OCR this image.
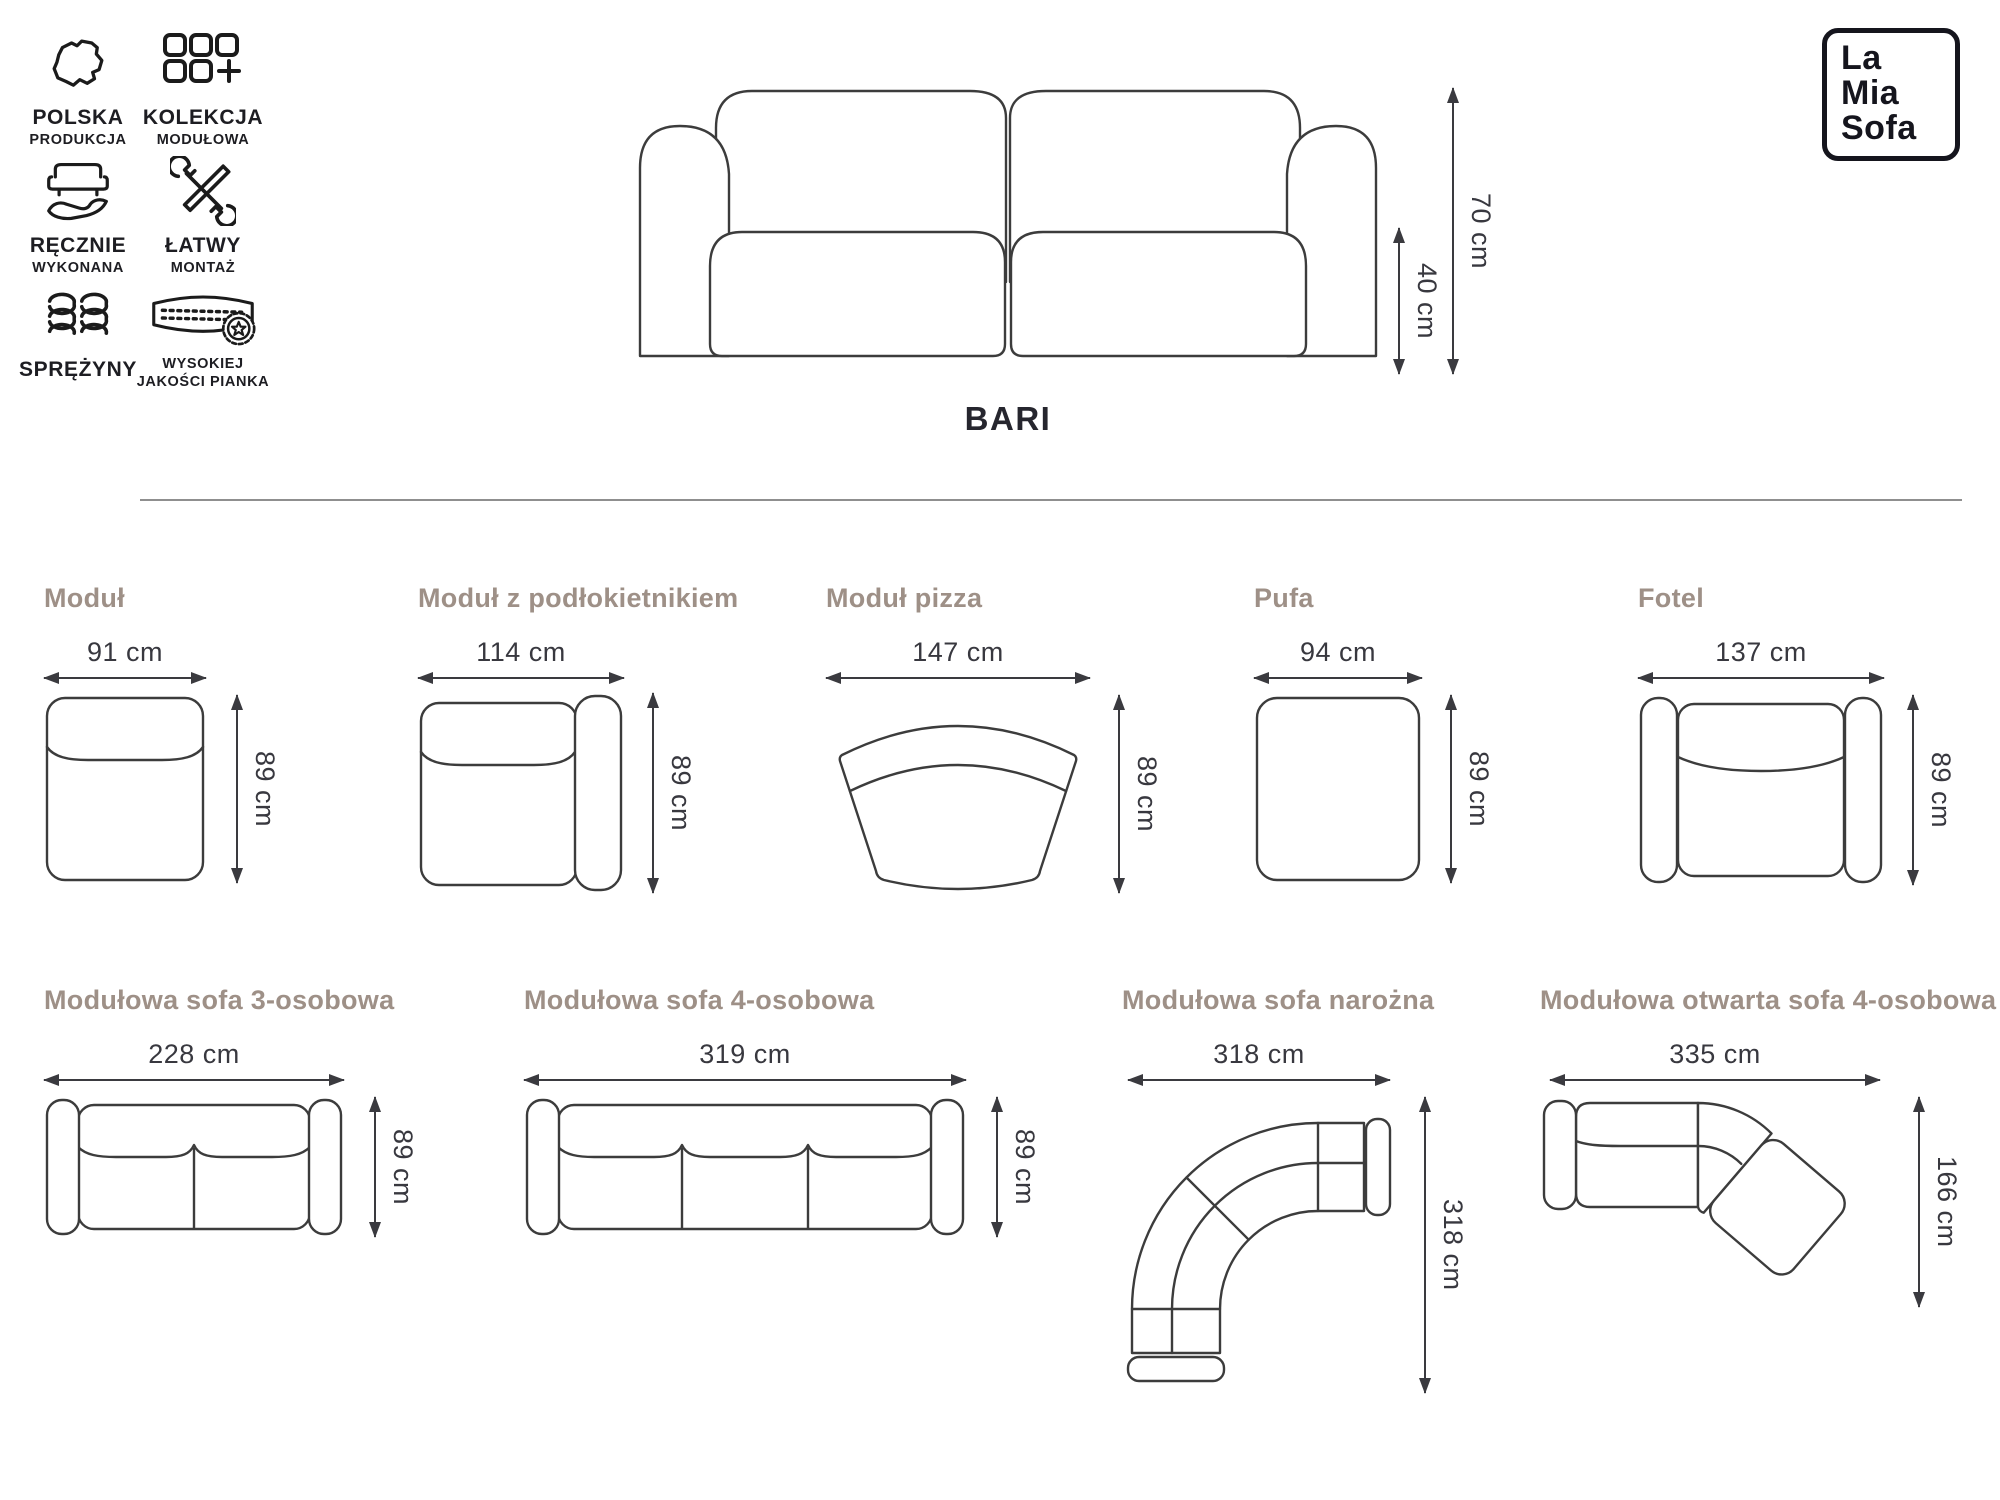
POLSKA
PRODUKCJA
KOLEKCJA
MODUŁOWA
RĘCZNIE
WYKONANA
ŁATWY
MONTAŻ
SPRĘŻYNY WYSOKIEJ
JAKOŚCI PIANKA
La
Mia
Sofa
40 cm
70 cm
BARI
Moduł
91 cm
89 cm
Moduł z podłokietnikiem
114 cm
89 cm
Moduł pizza
147 cm
89 cm
Pufa
94 cm
89 cm
Fotel
137 cm
89 cm
Modułowa sofa 3-osobowa
228 cm
89 cm
Modułowa sofa 4-osobowa
319 cm
89 cm
Modułowa sofa narożna
318 cm
318 cm
Modułowa otwarta sofa 4-osobowa
335 cm
166 cm
